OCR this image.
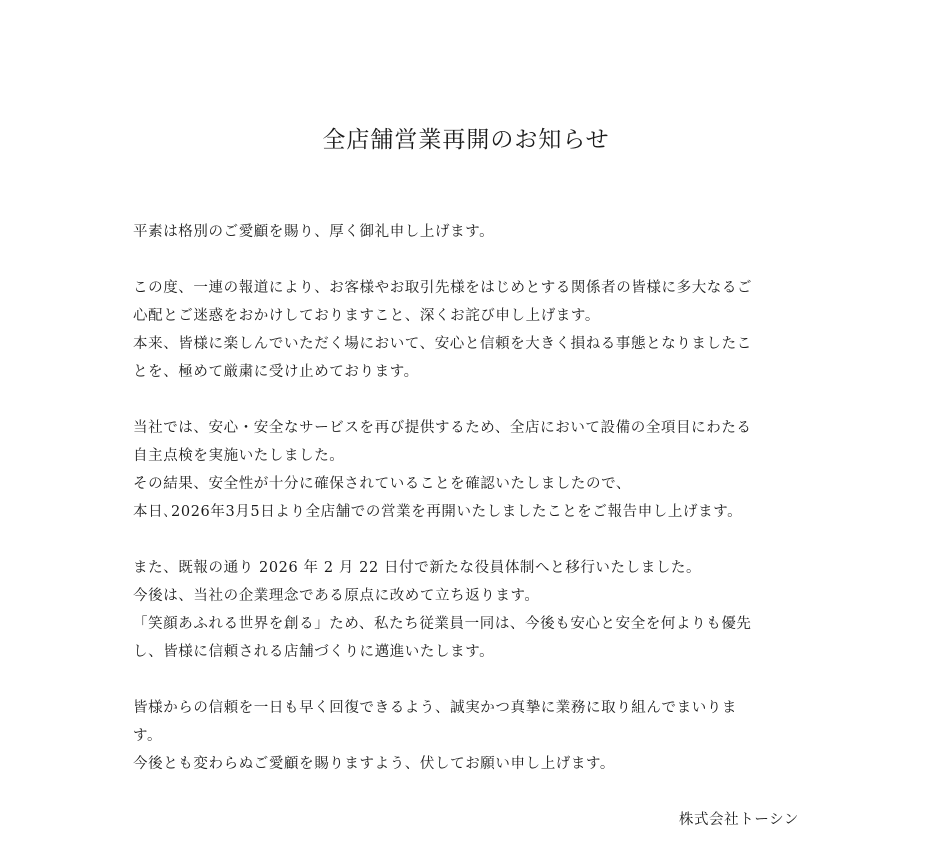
全店舗営業再開のお知らせ
平素は格別のご愛顧を賜り、厚く御礼申し上げます。
この度、一連の報道により、お客様やお取引先様をはじめとする関係者の皆様に多大なるご
心配とご迷惑をおかけしておりますこと、深くお詫び申し上げます。
本来、皆様に楽しんでいただく場において、安心と信頼を大きく損ねる事態となりましたこ
とを、極めて厳粛に受け止めております。
当社では、安心・安全なサービスを再び提供するため、全店において設備の全項目にわたる
自主点検を実施いたしました。
その結果、安全性が十分に確保されていることを確認いたしましたので、
本日､2026年3月5日より全店舗での営業を再開いたしましたことをご報告申し上げます。
また、既報の通り 2026 年 2 月 22 日付で新たな役員体制へと移行いたしました。
今後は、当社の企業理念である原点に改めて立ち返ります。
「笑顔あふれる世界を創る」ため、私たち従業員一同は、今後も安心と安全を何よりも優先
し、皆様に信頼される店舗づくりに邁進いたします。
皆様からの信頼を一日も早く回復できるよう、誠実かつ真摯に業務に取り組んでまいりま
す。
今後とも変わらぬご愛顧を賜りますよう、伏してお願い申し上げます。
株式会社トーシン
